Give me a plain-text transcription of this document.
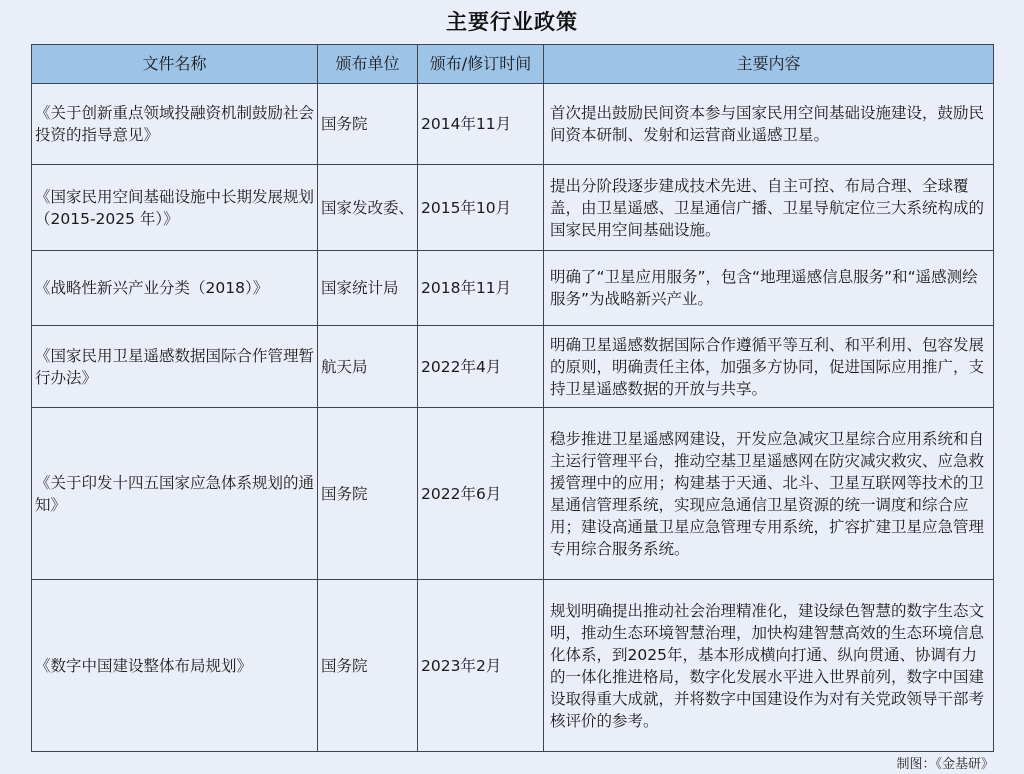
主要行业政策
文件名称	颁布单位	颁布/修订时间	主要内容
《关于创新重点领域投融资机制鼓励社会投资的指导意见》	国务院	2014年11月	首次提出鼓励民间资本参与国家民用空间基础设施建设，鼓励民间资本研制、发射和运营商业遥感卫星。
《国家民用空间基础设施中长期发展规划（2015-2025 年）》	国家发改委、	2015年10月	提出分阶段逐步建成技术先进、自主可控、布局合理、全球覆盖，由卫星遥感、卫星通信广播、卫星导航定位三大系统构成的国家民用空间基础设施。
《战略性新兴产业分类（2018）》	国家统计局	2018年11月	明确了“卫星应用服务”，包含“地理遥感信息服务”和“遥感测绘服务”为战略新兴产业。
《国家民用卫星遥感数据国际合作管理暂行办法》	航天局	2022年4月	明确卫星遥感数据国际合作遵循平等互利、和平利用、包容发展的原则，明确责任主体，加强多方协同，促进国际应用推广，支持卫星遥感数据的开放与共享。
《关于印发十四五国家应急体系规划的通知》	国务院	2022年6月	稳步推进卫星遥感网建设，开发应急减灾卫星综合应用系统和自主运行管理平台，推动空基卫星遥感网在防灾减灾救灾、应急救援管理中的应用；构建基于天通、北斗、卫星互联网等技术的卫星通信管理系统，实现应急通信卫星资源的统一调度和综合应用；建设高通量卫星应急管理专用系统，扩容扩建卫星应急管理专用综合服务系统。
《数字中国建设整体布局规划》	国务院	2023年2月	规划明确提出推动社会治理精准化，建设绿色智慧的数字生态文明，推动生态环境智慧治理，加快构建智慧高效的生态环境信息化体系，到2025年，基本形成横向打通、纵向贯通、协调有力的一体化推进格局，数字化发展水平进入世界前列，数字中国建设取得重大成就，并将数字中国建设作为对有关党政领导干部考核评价的参考。
制图：《金基研》
